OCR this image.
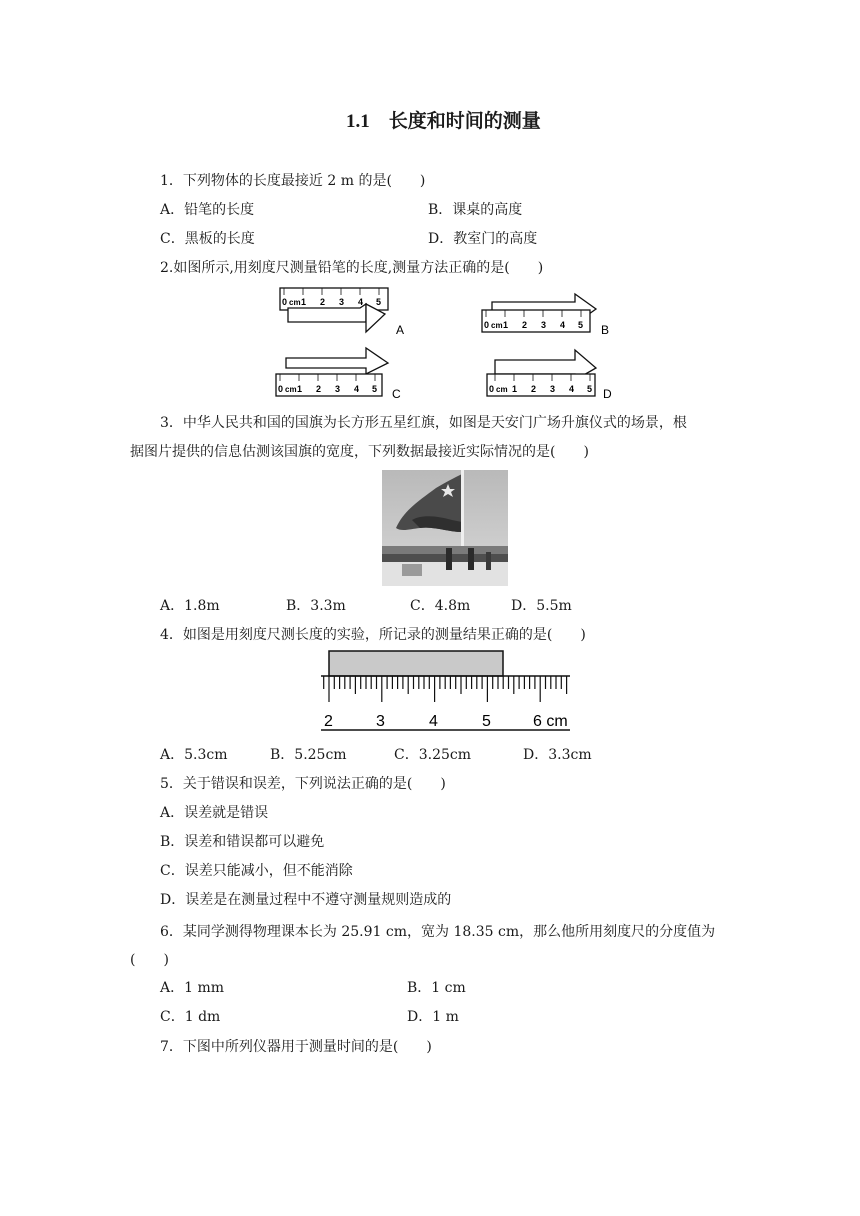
1.1　长度和时间的测量
1．下列物体的长度最接近 2 m 的是(　　)
A．铅笔的长度	B．课桌的高度
C．黑板的长度	D．教室门的高度
2.如图所示,用刻度尺测量铅笔的长度,测量方法正确的是(　　)
0 cm 1 2 3 4 5
A	0 cm 1 2 3 4 5 B
0 cm 1 2 3 4 5 C	0 cm 1 2 3 4 5 D
3．中华人民共和国的国旗为长方形五星红旗，如图是天安门广场升旗仪式的场景，根
据图片提供的信息估测该国旗的宽度，下列数据最接近实际情况的是(　　)
A．1.8m	B．3.3m	C．4.8m	D．5.5m
4．如图是用刻度尺测长度的实验，所记录的测量结果正确的是(　　)
2	3	4	5	6 cm
A．5.3cm	B．5.25cm	C．3.25cm	D．3.3cm
5．关于错误和误差，下列说法正确的是(　　)
A．误差就是错误
B．误差和错误都可以避免
C．误差只能减小，但不能消除
D．误差是在测量过程中不遵守测量规则造成的
6．某同学测得物理课本长为 25.91 cm，宽为 18.35 cm，那么他所用刻度尺的分度值为
(　　)
A．1 mm	B．1 cm
C．1 dm	D．1 m
7．下图中所列仪器用于测量时间的是(　　)
